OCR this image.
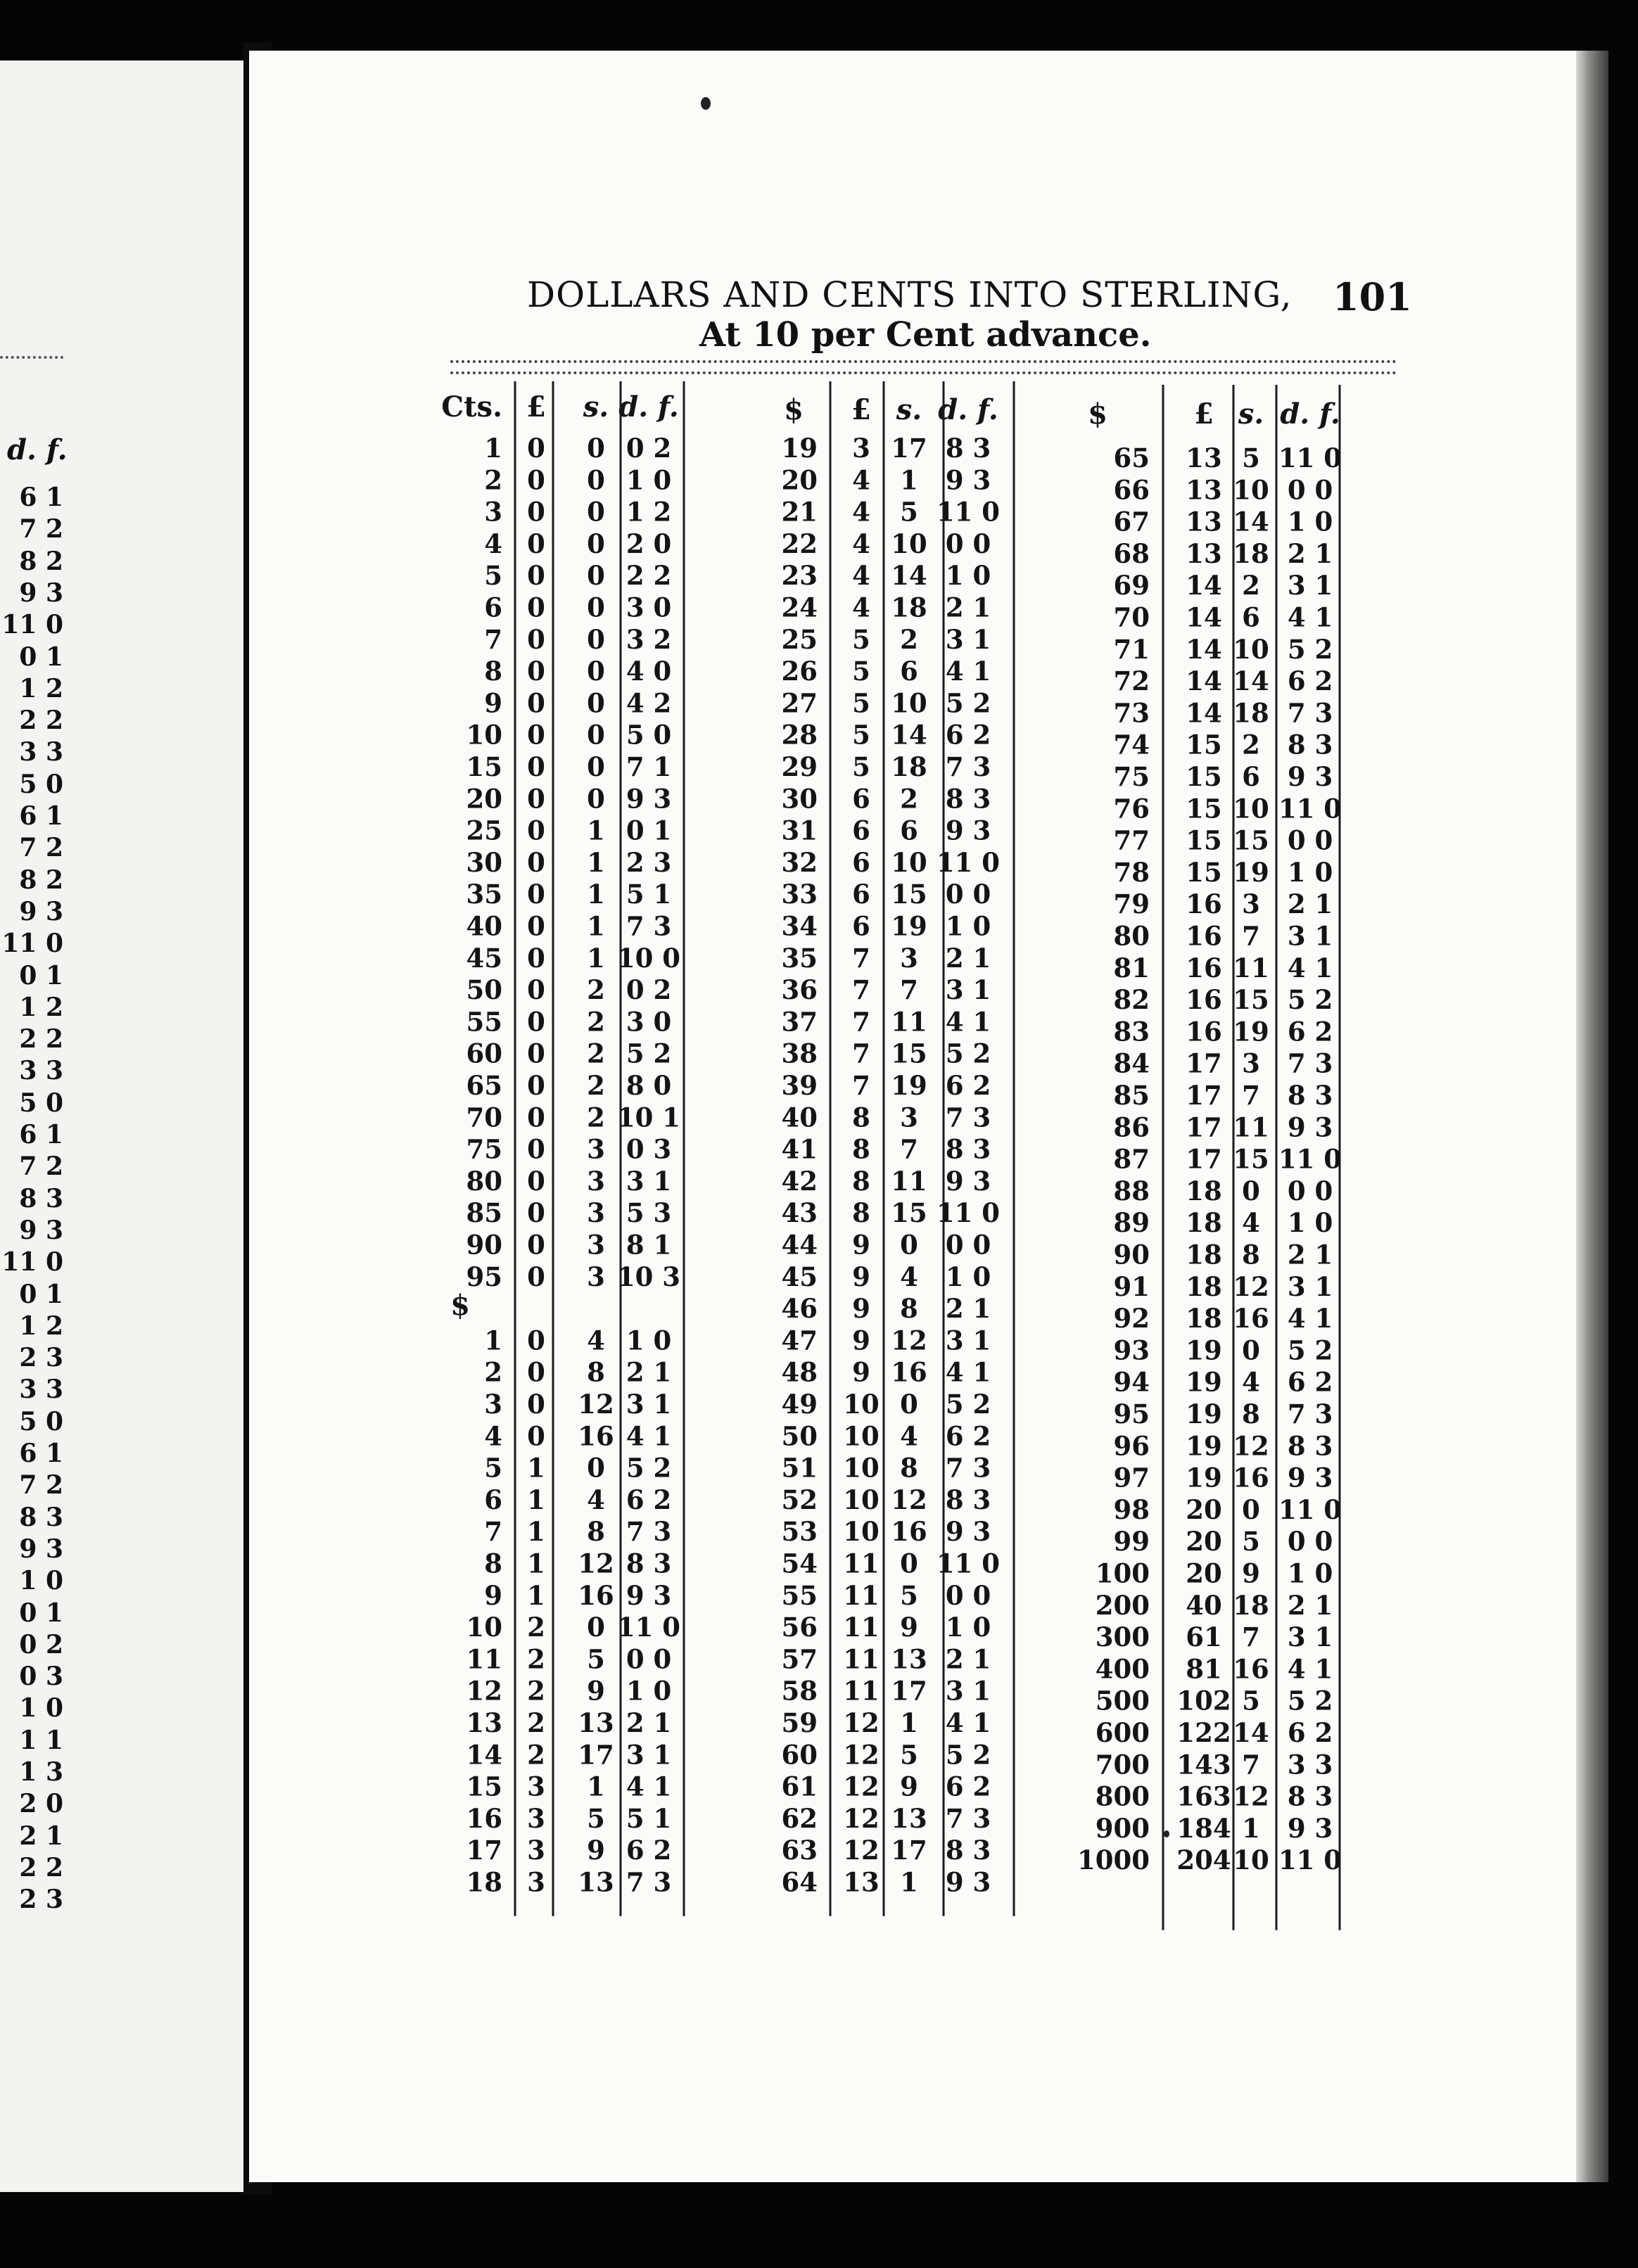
d. f.
6 1
7 2
8 2
9 3
11 0
0 1
1 2
2 2
3 3
5 0
6 1
7 2
8 2
9 3
11 0
0 1
1 2
2 2
3 3
5 0
6 1
7 2
8 3
9 3
11 0
0 1
1 2
2 3
3 3
5 0
6 1
7 2
8 3
9 3
1 0
0 1
0 2
0 3
1 0
1 1
1 3
2 0
2 1
2 2
2 3
DOLLARS AND CENTS INTO STERLING,	101
At 10 per Cent advance.
Cts. £ s. d. f.	$ £ s. d. f.	$	£ s. d. f.
1 0 0 0 2
2 0 0 1 0
3 0 0 1 2
4 0 0 2 0
5 0 0 2 2
6 0 0 3 0
7 0 0 3 2
8 0 0 4 0
9 0 0 4 2
10 0 0 5 0
15 0 0 7 1
20 0 0 9 3
25 0 1 0 1
30 0 1 2 3
35 0 1 5 1
40 0 1 7 3
45 0 1 10 0
50 0 2 0 2
55 0 2 3 0
60 0 2 5 2
65 0 2 8 0
70 0 2 10 1
75 0 3 0 3
80 0 3 3 1
85 0 3 5 3
90 0 3 8 1
95 0 3 10 3
$
1 0 4 1 0
2 0 8 2 1
3 0 12 3 1
4 0 16 4 1
5 1 0 5 2
6 1 4 6 2
7 1 8 7 3
8 1 12 8 3
9 1 16 9 3
10 2 0 11 0
11 2 5 0 0
12 2 9 1 0
13 2 13 2 1
14 2 17 3 1
15 3 1 4 1
16 3 5 5 1
17 3 9 6 2
18 3 13 7 3
19 3 17 8 3
20 4 1 9 3
21 4 5 11 0
22 4 10 0 0
23 4 14 1 0
24 4 18 2 1
25 5 2 3 1
26 5 6 4 1
27 5 10 5 2
28 5 14 6 2
29 5 18 7 3
30 6 2 8 3
31 6 6 9 3
32 6 10 11 0
33 6 15 0 0
34 6 19 1 0
35 7 3 2 1
36 7 7 3 1
37 7 11 4 1
38 7 15 5 2
39 7 19 6 2
40 8 3 7 3
41 8 7 8 3
42 8 11 9 3
43 8 15 11 0
44 9 0 0 0
45 9 4 1 0
46 9 8 2 1
47 9 12 3 1
48 9 16 4 1
49 10 0 5 2
50 10 4 6 2
51 10 8 7 3
52 10 12 8 3
53 10 16 9 3
54 11 0 11 0
55 11 5 0 0
56 11 9 1 0
57 11 13 2 1
58 11 17 3 1
59 12 1 4 1
60 12 5 5 2
61 12 9 6 2
62 12 13 7 3
63 12 17 8 3
64 13 1 9 3
65 13 5 11 0
66 13 10 0 0
67 13 14 1 0
68 13 18 2 1
69 14 2 3 1
70 14 6 4 1
71 14 10 5 2
72 14 14 6 2
73 14 18 7 3
74 15 2 8 3
75 15 6 9 3
76 15 10 11 0
77 15 15 0 0
78 15 19 1 0
79 16 3 2 1
80 16 7 3 1
81 16 11 4 1
82 16 15 5 2
83 16 19 6 2
84 17 3 7 3
85 17 7 8 3
86 17 11 9 3
87 17 15 11 0
88 18 0 0 0
89 18 4 1 0
90 18 8 2 1
91 18 12 3 1
92 18 16 4 1
93 19 0 5 2
94 19 4 6 2
95 19 8 7 3
96 19 12 8 3
97 19 16 9 3
98 20 0 11 0
99 20 5 0 0
100 20 9 1 0
200 40 18 2 1
300 61 7 3 1
400 81 16 4 1
500 102 5 5 2
600 122 14 6 2
700 143 7 3 3
800 163 12 8 3
900 184 1 9 3
1000 204 10 11 0
